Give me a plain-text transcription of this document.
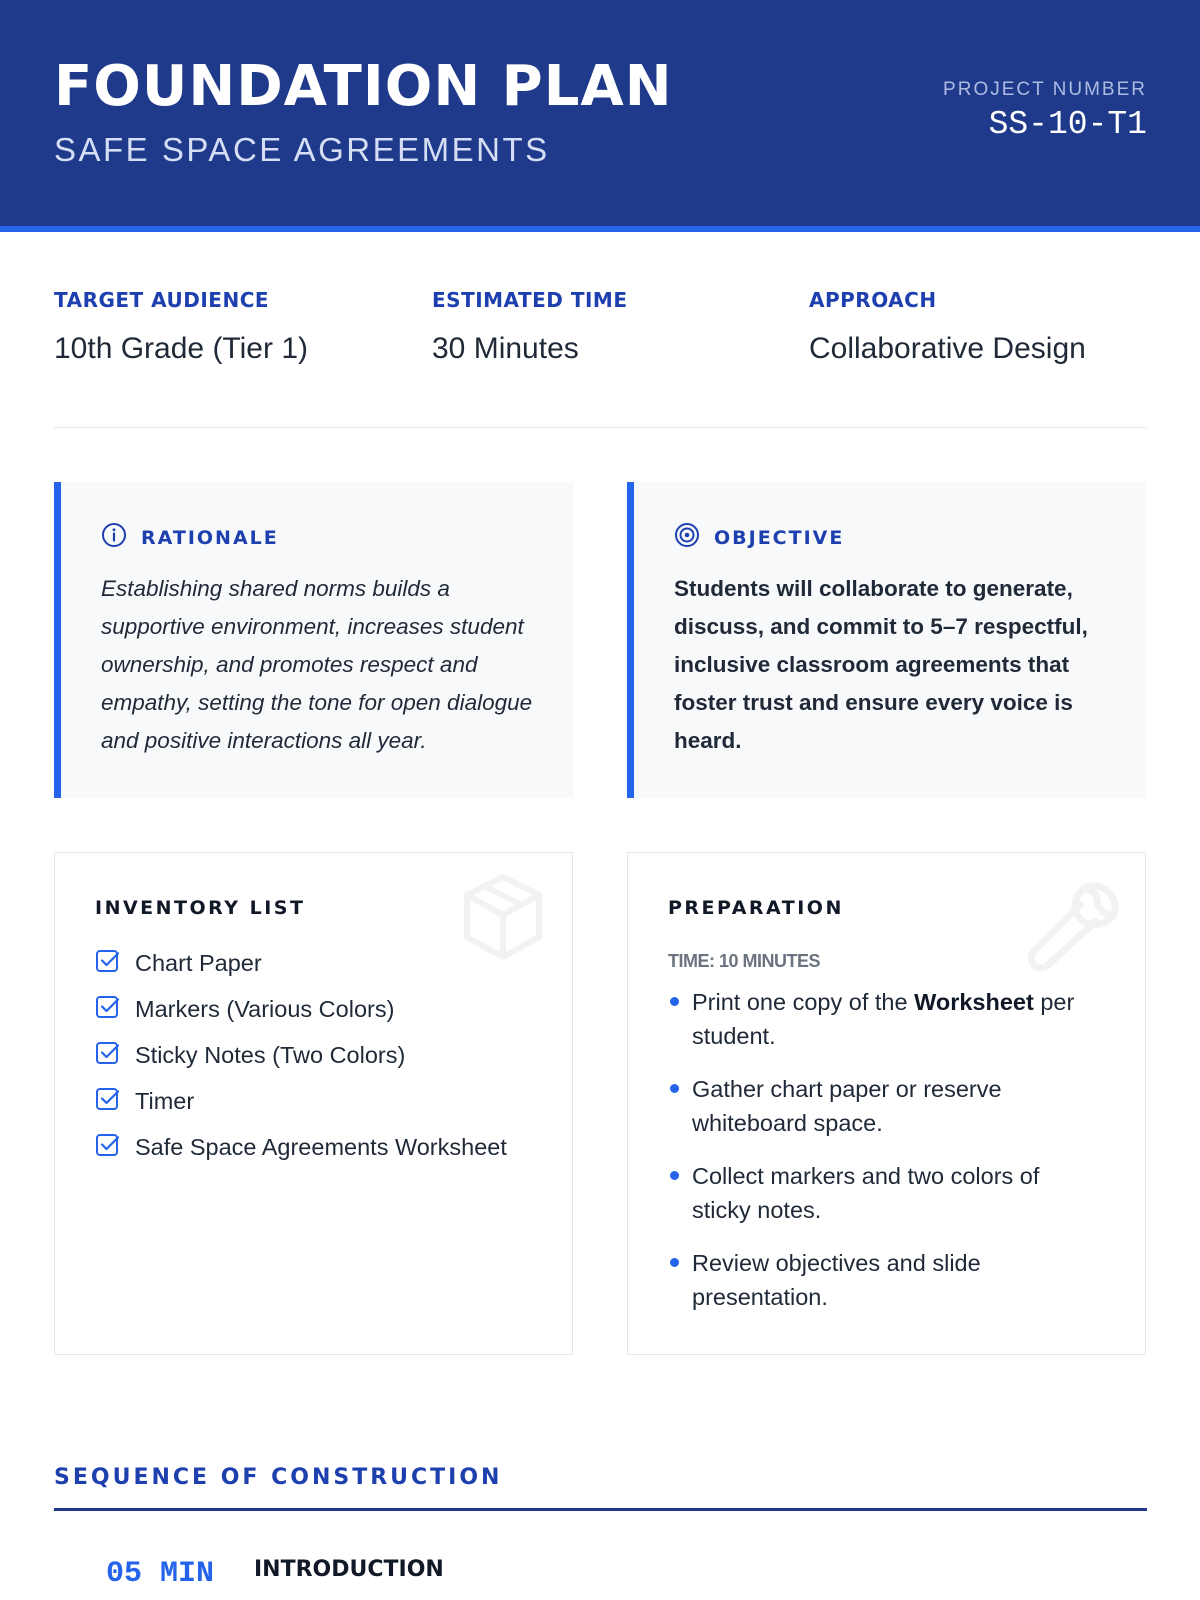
FOUNDATION PLAN
SAFE SPACE AGREEMENTS
PROJECT NUMBER
SS-10-T1
TARGET AUDIENCE
10th Grade (Tier 1)
ESTIMATED TIME
30 Minutes
APPROACH
Collaborative Design
RATIONALE
Establishing shared norms builds a supportive environment, increases student ownership, and promotes respect and empathy, setting the tone for open dialogue and positive interactions all year.
OBJECTIVE
Students will collaborate to generate, discuss, and commit to 5–7 respectful, inclusive classroom agreements that foster trust and ensure every voice is heard.
INVENTORY LIST
Chart Paper
Markers (Various Colors)
Sticky Notes (Two Colors)
Timer
Safe Space Agreements Worksheet
PREPARATION
TIME: 10 MINUTES
Print one copy of the Worksheet per student.
Gather chart paper or reserve whiteboard space.
Collect markers and two colors of sticky notes.
Review objectives and slide presentation.
SEQUENCE OF CONSTRUCTION
05 MIN INTRODUCTION
